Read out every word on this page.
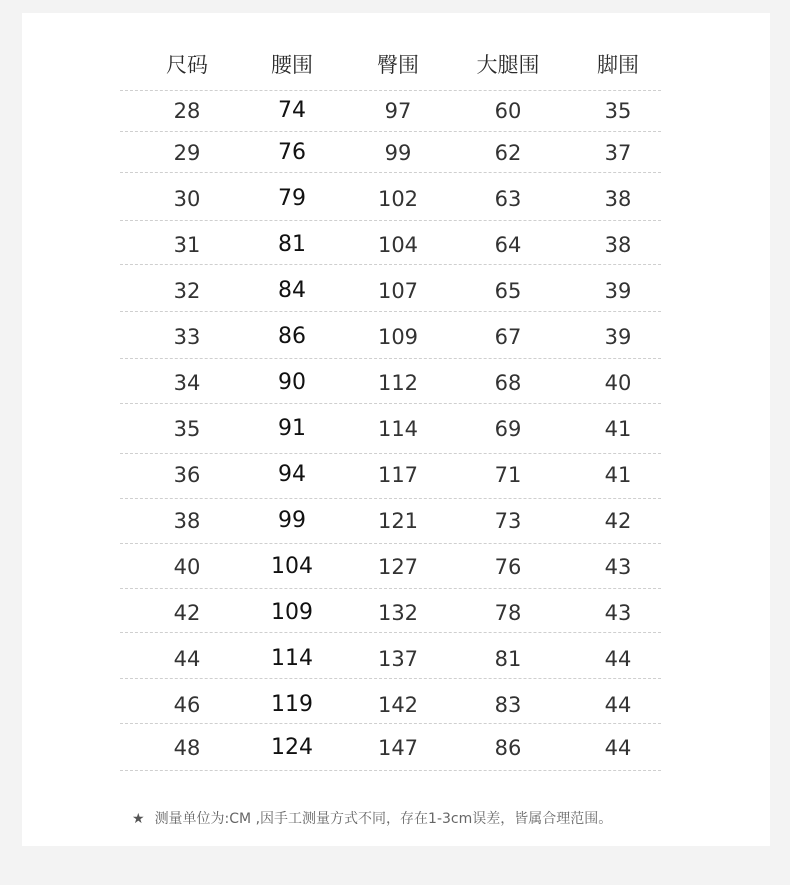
尺码	腰围	臀围	大腿围	脚围
28	74	97	60	35
29	76	99	62	37
30	79	102	63	38
31	81	104	64	38
32	84	107	65	39
33	86	109	67	39
34	90	112	68	40
35	91	114	69	41
36	94	117	71	41
38	99	121	73	42
40	104	127	76	43
42	109	132	78	43
44	114	137	81	44
46	119	142	83	44
48	124	147	86	44
★ 测量单位为:CM ,因手工测量方式不同，存在1-3cm误差，皆属合理范围。
